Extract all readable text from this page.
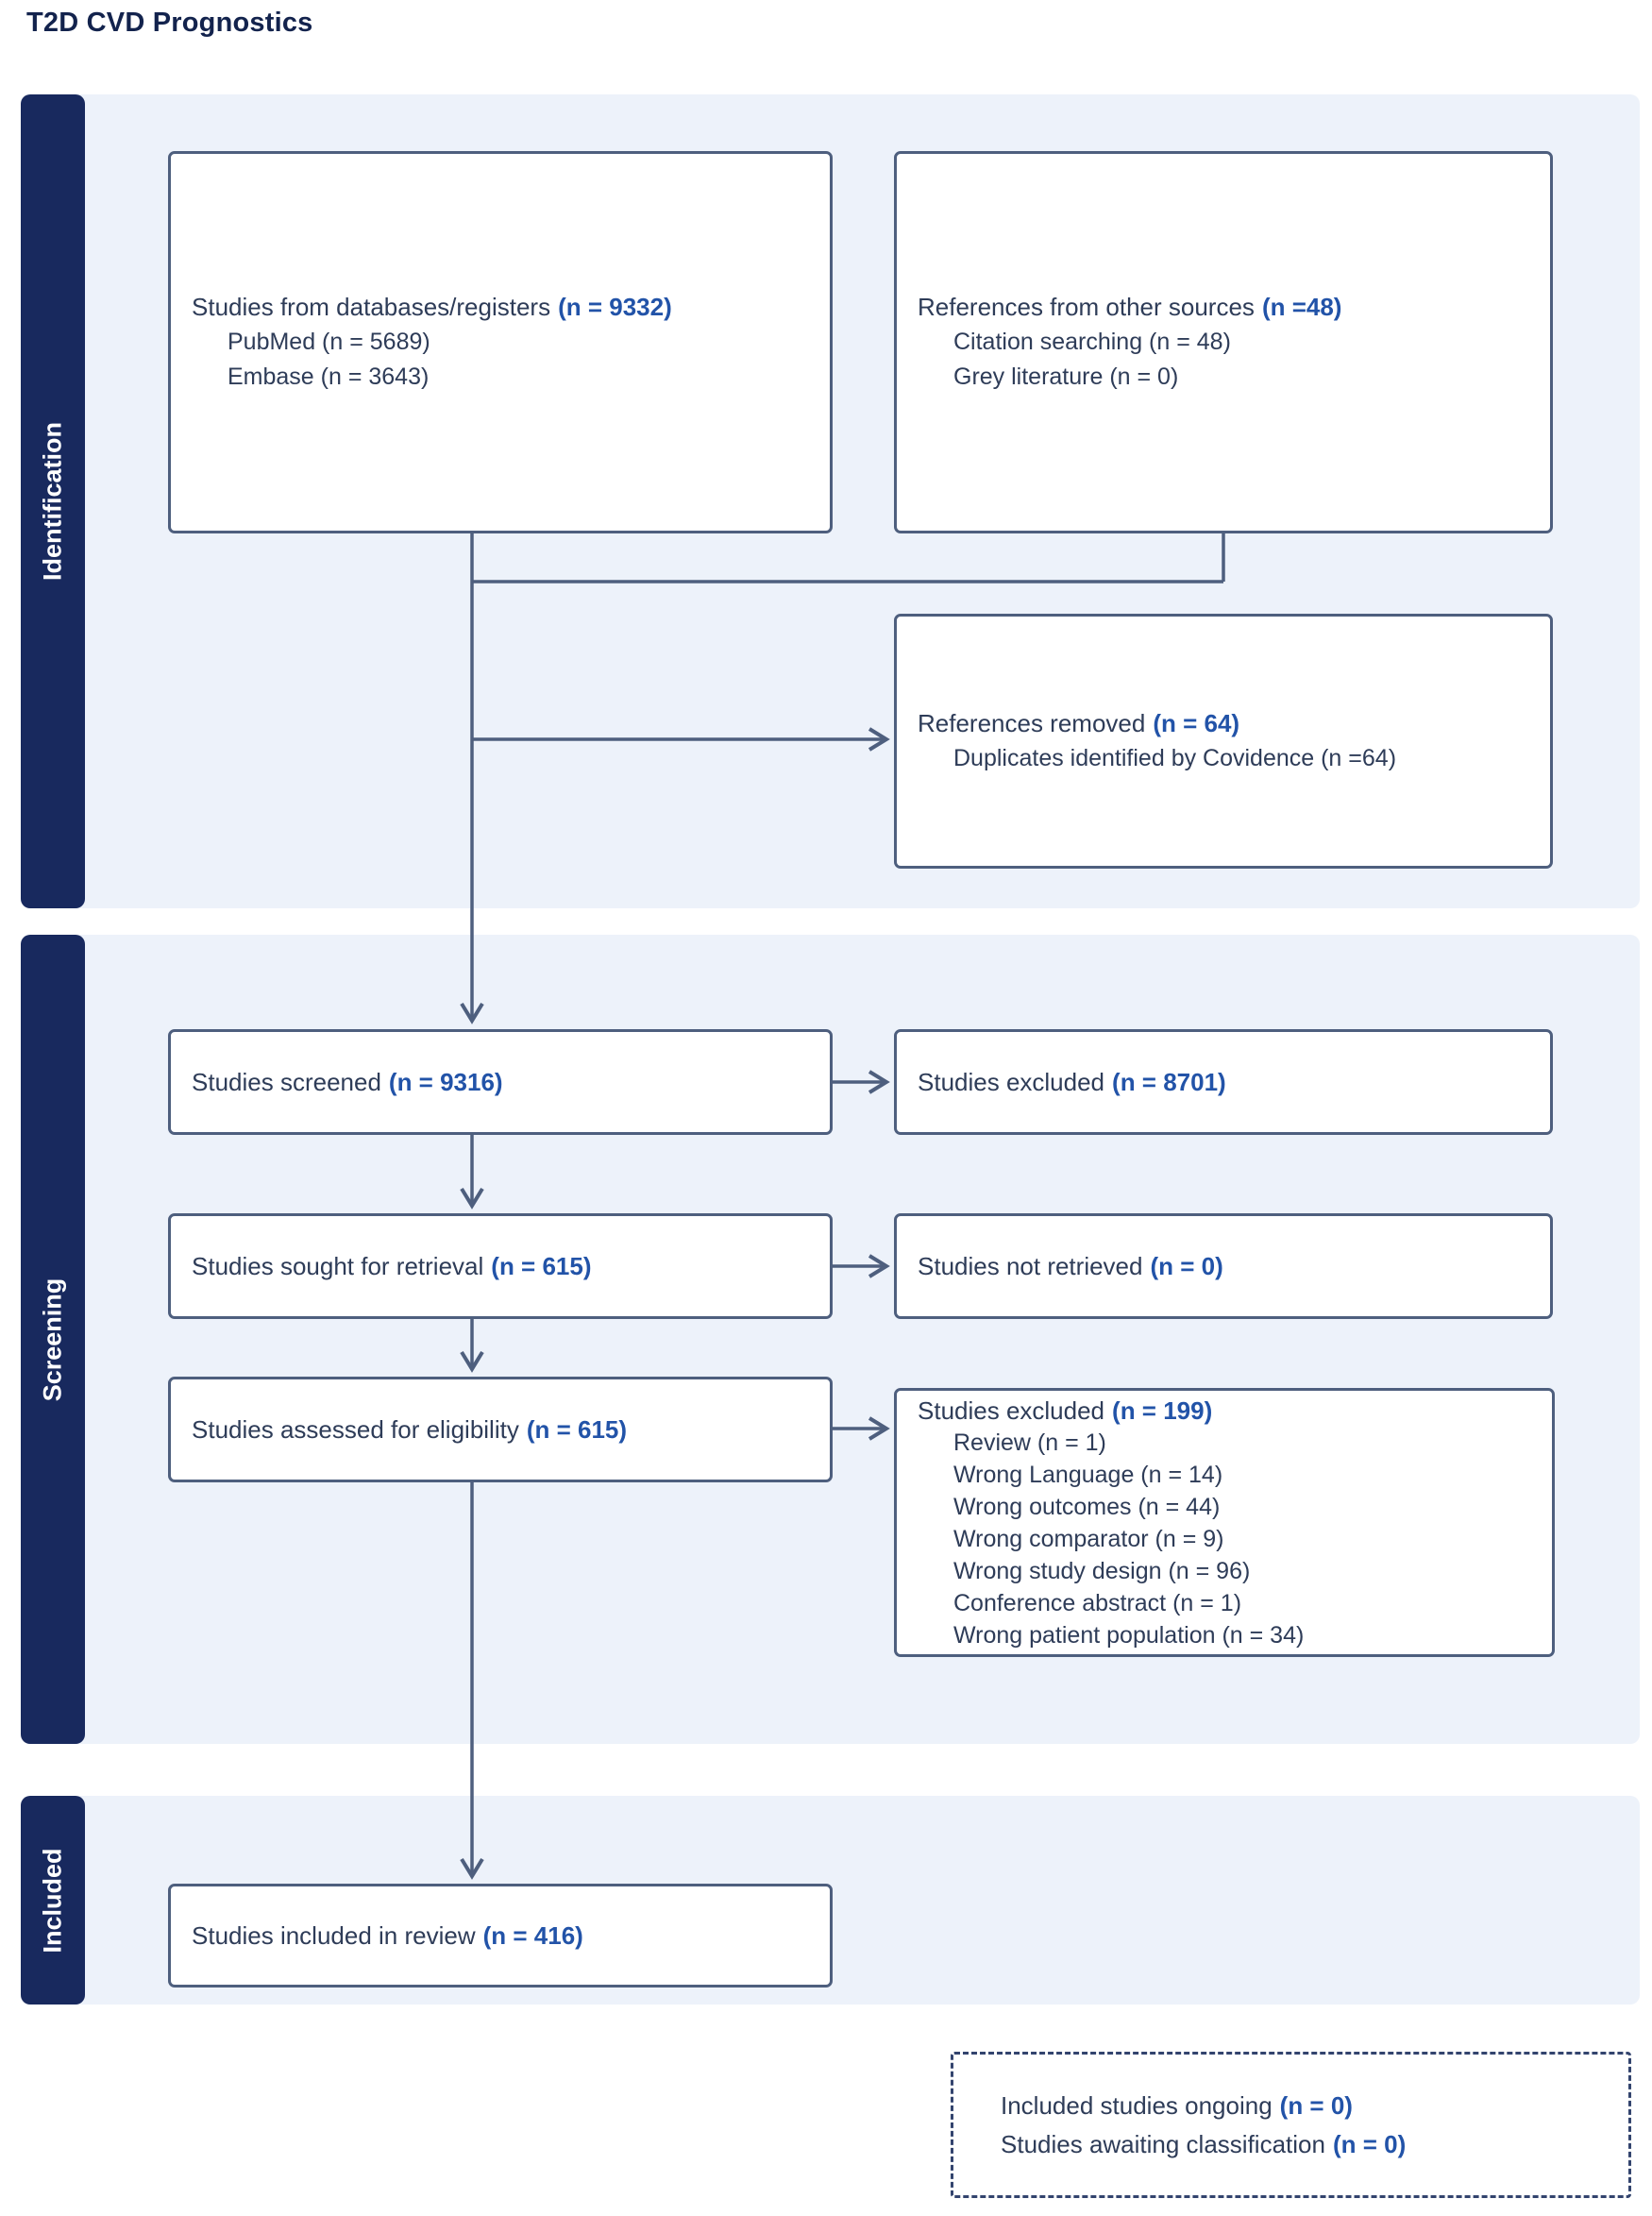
T2D CVD Prognostics
Identification
Screening
Included
Studies from databases/registers (n = 9332)
PubMed (n = 5689)
Embase (n = 3643)
References from other sources (n =48)
Citation searching (n = 48)
Grey literature (n = 0)
References removed (n = 64)
Duplicates identified by Covidence (n =64)
Studies screened (n = 9316)	Studies excluded (n = 8701)
Studies sought for retrieval (n = 615)	Studies not retrieved (n = 0)
Studies assessed for eligibility (n = 615)
Studies excluded (n = 199)
Review (n = 1)
Wrong Language (n = 14)
Wrong outcomes (n = 44)
Wrong comparator (n = 9)
Wrong study design (n = 96)
Conference abstract (n = 1)
Wrong patient population (n = 34)
Studies included in review (n = 416)
Included studies ongoing (n = 0)
Studies awaiting classification (n = 0)
